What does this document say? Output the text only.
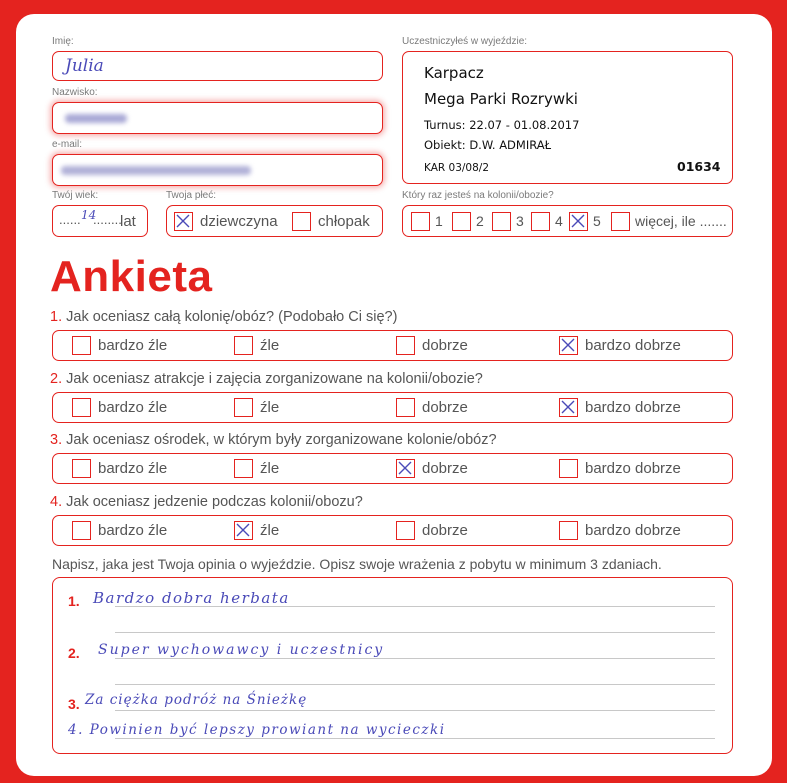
Imię:
Julia
Nazwisko:
e-mail:
Twój wiek:
...... 14
........
lat
Twoja płeć:
dziewczyna	chłopak
Uczestniczyłeś w wyjeździe:
Karpacz
Mega Parki Rozrywki
Turnus: 22.07 - 01.08.2017
Obiekt: D.W. ADMIRAŁ
KAR 03/08/2	01634
Który raz jesteś na kolonii/obozie?
1 2 3 4 5 więcej, ile .......
Ankieta
Napisz, jaka jest Twoja opinia o wyjeździe. Opisz swoje wrażenia z pobytu w minimum 3 zdaniach.
1. Bardzo dobra herbata
2. Super wychowawcy i uczestnicy
3. Za ciężka podróż na Śnieżkę
4. Powinien być lepszy prowiant na wycieczki
1. Jak oceniasz całą kolonię/obóz? (Podobało Ci się?)
bardzo źle	źle	dobrze	bardzo dobrze
2. Jak oceniasz atrakcje i zajęcia zorganizowane na kolonii/obozie?
bardzo źle	źle	dobrze	bardzo dobrze
3. Jak oceniasz ośrodek, w którym były zorganizowane kolonie/obóz?
bardzo źle	źle	dobrze	bardzo dobrze
4. Jak oceniasz jedzenie podczas kolonii/obozu?
bardzo źle	źle	dobrze	bardzo dobrze
